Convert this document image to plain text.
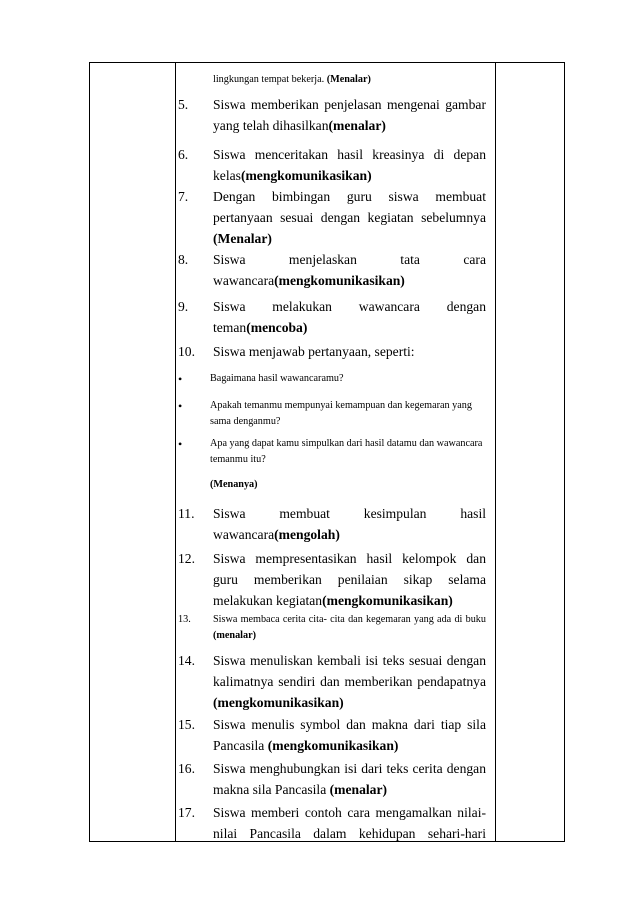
lingkungan tempat bekerja. (Menalar)
5. Siswa memberikan penjelasan mengenai gambar yang telah dihasilkan(menalar)
6. Siswa menceritakan hasil kreasinya di depan kelas(mengkomunikasikan)
7. Dengan bimbingan guru siswa membuat pertanyaan sesuai dengan kegiatan sebelumnya (Menalar)
8. Siswa menjelaskan tata cara wawancara(mengkomunikasikan)
9. Siswa melakukan wawancara dengan teman(mencoba)
10. Siswa menjawab pertanyaan, seperti:
•	Bagaimana hasil wawancaramu?
•	Apakah temanmu mempunyai kemampuan dan kegemaran yang sama denganmu?
•	Apa yang dapat kamu simpulkan dari hasil datamu dan wawancara temanmu itu?
(Menanya)
11. Siswa membuat kesimpulan hasil wawancara(mengolah)
12. Siswa mempresentasikan hasil kelompok dan guru memberikan penilaian sikap selama melakukan kegiatan(mengkomunikasikan)
13. Siswa membaca cerita cita- cita dan kegemaran yang ada di buku (menalar)
14. Siswa menuliskan kembali isi teks sesuai dengan kalimatnya sendiri dan memberikan pendapatnya (mengkomunikasikan)
15. Siswa menulis symbol dan makna dari tiap sila Pancasila (mengkomunikasikan)
16. Siswa menghubungkan isi dari teks cerita dengan makna sila Pancasila (menalar)
17. Siswa memberi contoh cara mengamalkan nilai-nilai Pancasila dalam kehidupan sehari-hari
